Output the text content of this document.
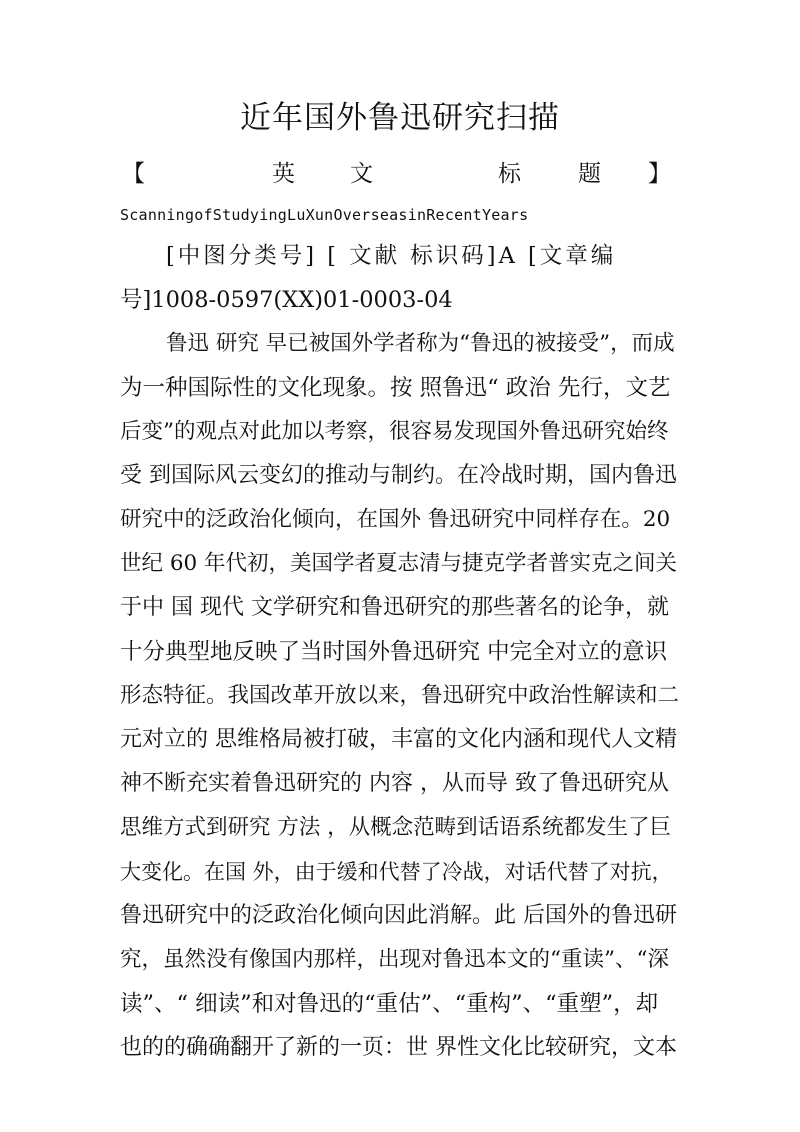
近年国外鲁迅研究扫描
【	英 文	标 题 】
ScanningofStudyingLuXunOverseasinRecentYears
[中图分类号] [ 文献 标识码]A [文章编
号]1008-0597(XX)01-0003-04
鲁迅 研究 早已被国外学者称为“鲁迅的被接受”，而成
为一种国际性的文化现象。按 照鲁迅“ 政治 先行，文艺
后变”的观点对此加以考察，很容易发现国外鲁迅研究始终
受 到国际风云变幻的推动与制约。在冷战时期，国内鲁迅
研究中的泛政治化倾向，在国外 鲁迅研究中同样存在。20
世纪 60 年代初，美国学者夏志清与捷克学者普实克之间关
于中 国 现代 文学研究和鲁迅研究的那些著名的论争，就
十分典型地反映了当时国外鲁迅研究 中完全对立的意识
形态特征。我国改革开放以来，鲁迅研究中政治性解读和二
元对立的 思维格局被打破，丰富的文化内涵和现代人文精
神不断充实着鲁迅研究的 内容 ，从而导 致了鲁迅研究从
思维方式到研究 方法 ，从概念范畴到话语系统都发生了巨
大变化。在国 外，由于缓和代替了冷战，对话代替了对抗，
鲁迅研究中的泛政治化倾向因此消解。此 后国外的鲁迅研
究，虽然没有像国内那样，出现对鲁迅本文的“重读”、“深
读”、“ 细读”和对鲁迅的“重估”、“重构”、“重塑”，却
也的的确确翻开了新的一页：世 界性文化比较研究，文本
